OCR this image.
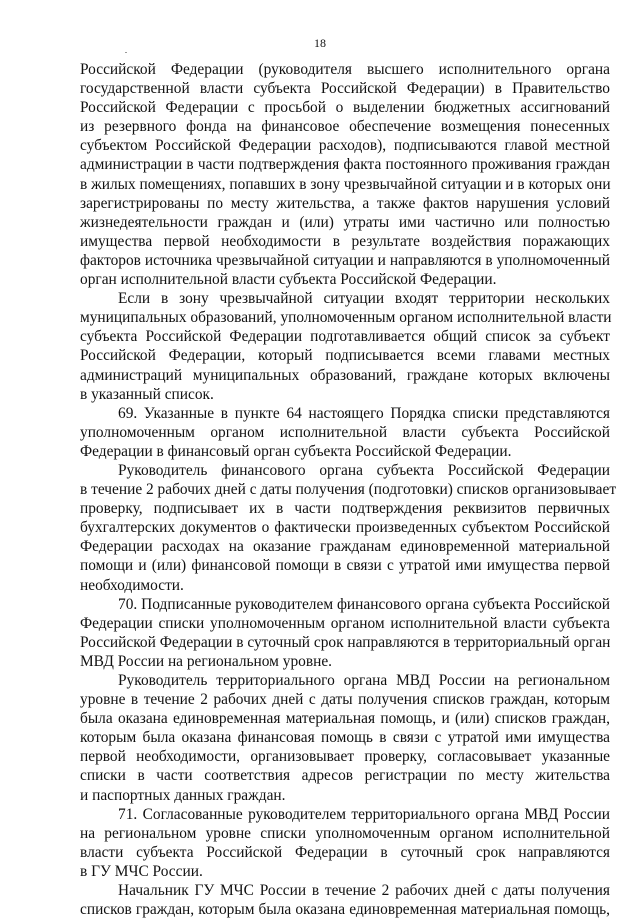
18
Российской Федерации (руководителя высшего исполнительного органа
государственной власти субъекта Российской Федерации) в Правительство
Российской Федерации с просьбой о выделении бюджетных ассигнований
из резервного фонда на финансовое обеспечение возмещения понесенных
субъектом Российской Федерации расходов), подписываются главой местной
администрации в части подтверждения факта постоянного проживания граждан
в жилых помещениях, попавших в зону чрезвычайной ситуации и в которых они
зарегистрированы по месту жительства, а также фактов нарушения условий
жизнедеятельности граждан и (или) утраты ими частично или полностью
имущества первой необходимости в результате воздействия поражающих
факторов источника чрезвычайной ситуации и направляются в уполномоченный
орган исполнительной власти субъекта Российской Федерации.
Если в зону чрезвычайной ситуации входят территории нескольких
муниципальных образований, уполномоченным органом исполнительной власти
субъекта Российской Федерации подготавливается общий список за субъект
Российской Федерации, который подписывается всеми главами местных
администраций муниципальных образований, граждане которых включены
в указанный список.
69. Указанные в пункте 64 настоящего Порядка списки представляются
уполномоченным органом исполнительной власти субъекта Российской
Федерации в финансовый орган субъекта Российской Федерации.
Руководитель финансового органа субъекта Российской Федерации
в течение 2 рабочих дней с даты получения (подготовки) списков организовывает
проверку, подписывает их в части подтверждения реквизитов первичных
бухгалтерских документов о фактически произведенных субъектом Российской
Федерации расходах на оказание гражданам единовременной материальной
помощи и (или) финансовой помощи в связи с утратой ими имущества первой
необходимости.
70. Подписанные руководителем финансового органа субъекта Российской
Федерации списки уполномоченным органом исполнительной власти субъекта
Российской Федерации в суточный срок направляются в территориальный орган
МВД России на региональном уровне.
Руководитель территориального органа МВД России на региональном
уровне в течение 2 рабочих дней с даты получения списков граждан, которым
была оказана единовременная материальная помощь, и (или) списков граждан,
которым была оказана финансовая помощь в связи с утратой ими имущества
первой необходимости, организовывает проверку, согласовывает указанные
списки в части соответствия адресов регистрации по месту жительства
и паспортных данных граждан.
71. Согласованные руководителем территориального органа МВД России
на региональном уровне списки уполномоченным органом исполнительной
власти субъекта Российской Федерации в суточный срок направляются
в ГУ МЧС России.
Начальник ГУ МЧС России в течение 2 рабочих дней с даты получения
списков граждан, которым была оказана единовременная материальная помощь,
